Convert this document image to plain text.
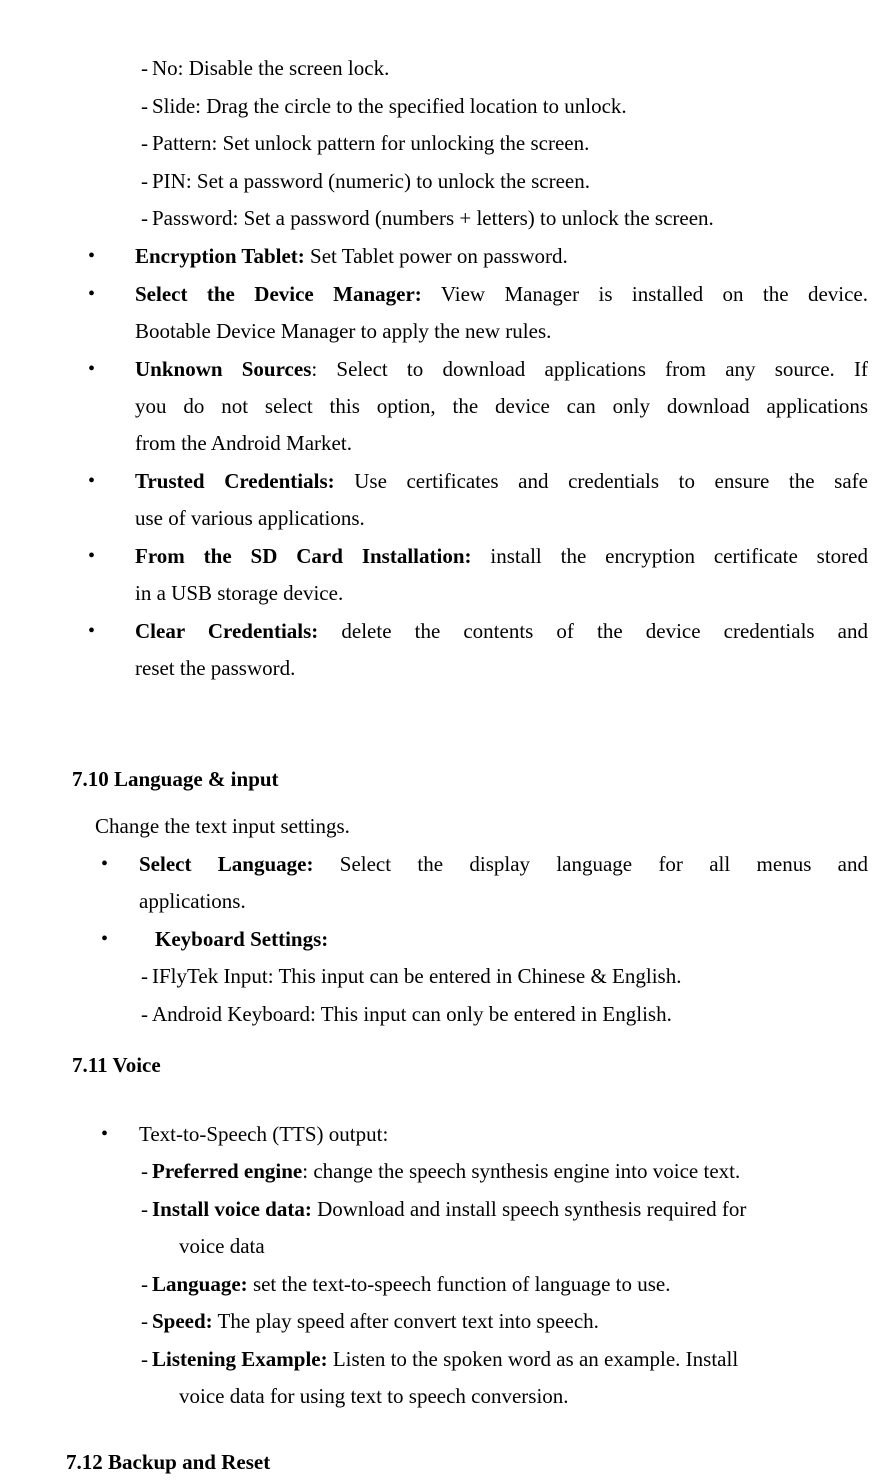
- No: Disable the screen lock.
- Slide: Drag the circle to the specified location to unlock.
- Pattern: Set unlock pattern for unlocking the screen.
- PIN: Set a password (numeric) to unlock the screen.
- Password: Set a password (numbers + letters) to unlock the screen.
• Encryption Tablet: Set Tablet power on password.
• Select the Device Manager: View Manager is installed on the device.
Bootable Device Manager to apply the new rules.
• Unknown Sources: Select to download applications from any source. If
you do not select this option, the device can only download applications
from the Android Market.
• Trusted Credentials: Use certificates and credentials to ensure the safe
use of various applications.
• From the SD Card Installation: install the encryption certificate stored
in a USB storage device.
• Clear Credentials: delete the contents of the device credentials and
reset the password.
7.10 Language & input
Change the text input settings.
• Select Language: Select the display language for all menus and
applications.
• Keyboard Settings:
- IFlyTek Input: This input can be entered in Chinese & English.
- Android Keyboard: This input can only be entered in English.
7.11 Voice
• Text-to-Speech (TTS) output:
- Preferred engine: change the speech synthesis engine into voice text.
- Install voice data: Download and install speech synthesis required for
voice data
- Language: set the text-to-speech function of language to use.
- Speed: The play speed after convert text into speech.
- Listening Example: Listen to the spoken word as an example. Install
voice data for using text to speech conversion.
7.12 Backup and Reset
